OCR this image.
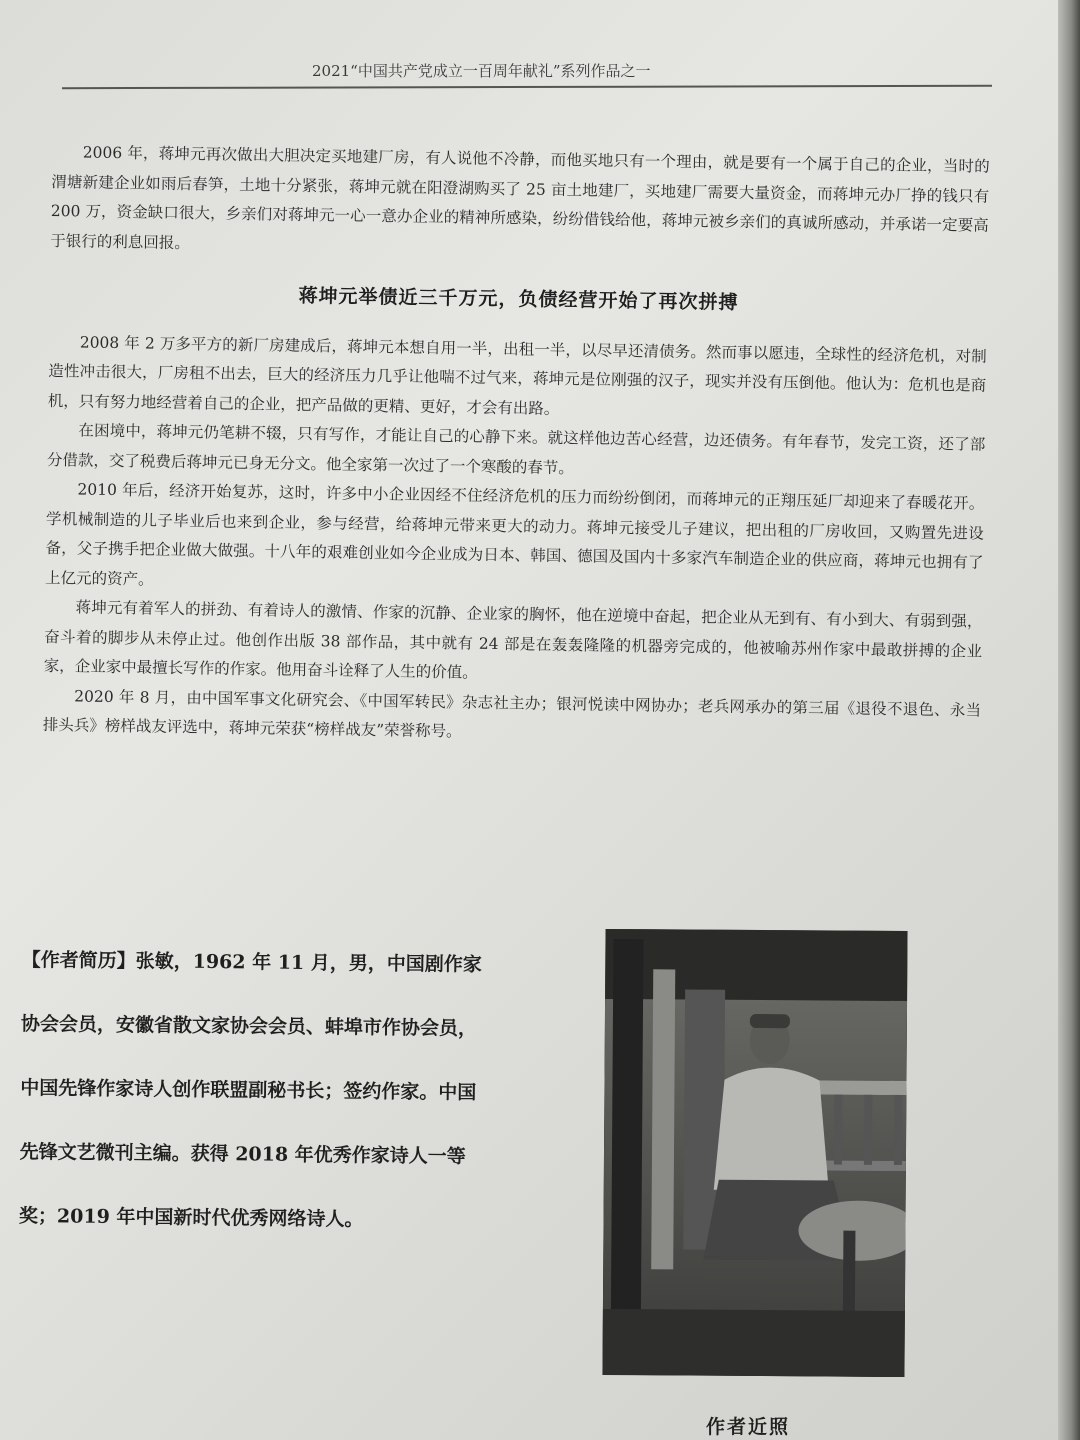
2021“中国共产党成立一百周年献礼”系列作品之一

2006 年，蒋坤元再次做出大胆决定买地建厂房，有人说他不冷静，而他买地只有一个理由，就是要有一个属于自己的企业，当时的渭塘新建企业如雨后春笋，土地十分紧张，蒋坤元就在阳澄湖购买了 25 亩土地建厂，买地建厂需要大量资金，而蒋坤元办厂挣的钱只有 200 万，资金缺口很大，乡亲们对蒋坤元一心一意办企业的精神所感染，纷纷借钱给他，蒋坤元被乡亲们的真诚所感动，并承诺一定要高于银行的利息回报。

蒋坤元举债近三千万元，负债经营开始了再次拼搏

2008 年 2 万多平方的新厂房建成后，蒋坤元本想自用一半，出租一半，以尽早还清债务。然而事以愿违，全球性的经济危机，对制造性冲击很大，厂房租不出去，巨大的经济压力几乎让他喘不过气来，蒋坤元是位刚强的汉子，现实并没有压倒他。他认为：危机也是商机，只有努力地经营着自己的企业，把产品做的更精、更好，才会有出路。

在困境中，蒋坤元仍笔耕不辍，只有写作，才能让自己的心静下来。就这样他边苦心经营，边还债务。有年春节，发完工资，还了部分借款，交了税费后蒋坤元已身无分文。他全家第一次过了一个寒酸的春节。

2010 年后，经济开始复苏，这时，许多中小企业因经不住经济危机的压力而纷纷倒闭，而蒋坤元的正翔压延厂却迎来了春暖花开。学机械制造的儿子毕业后也来到企业，参与经营，给蒋坤元带来更大的动力。蒋坤元接受儿子建议，把出租的厂房收回，又购置先进设备，父子携手把企业做大做强。十八年的艰难创业如今企业成为日本、韩国、德国及国内十多家汽车制造企业的供应商，蒋坤元也拥有了上亿元的资产。

蒋坤元有着军人的拼劲、有着诗人的激情、作家的沉静、企业家的胸怀，他在逆境中奋起，把企业从无到有、有小到大、有弱到强，奋斗着的脚步从未停止过。他创作出版 38 部作品，其中就有 24 部是在轰轰隆隆的机器旁完成的，他被喻苏州作家中最敢拼搏的企业家，企业家中最擅长写作的作家。他用奋斗诠释了人生的价值。

2020 年 8 月，由中国军事文化研究会、《中国军转民》杂志社主办；银河悦读中网协办；老兵网承办的第三届《退役不退色、永当排头兵》榜样战友评选中，蒋坤元荣获“榜样战友”荣誉称号。

【作者简历】张敏，1962 年 11 月，男，中国剧作家协会会员，安徽省散文家协会会员、蚌埠市作协会员，中国先锋作家诗人创作联盟副秘书长；签约作家。中国先锋文艺微刊主编。获得 2018 年优秀作家诗人一等奖；2019 年中国新时代优秀网络诗人。
作者近照
